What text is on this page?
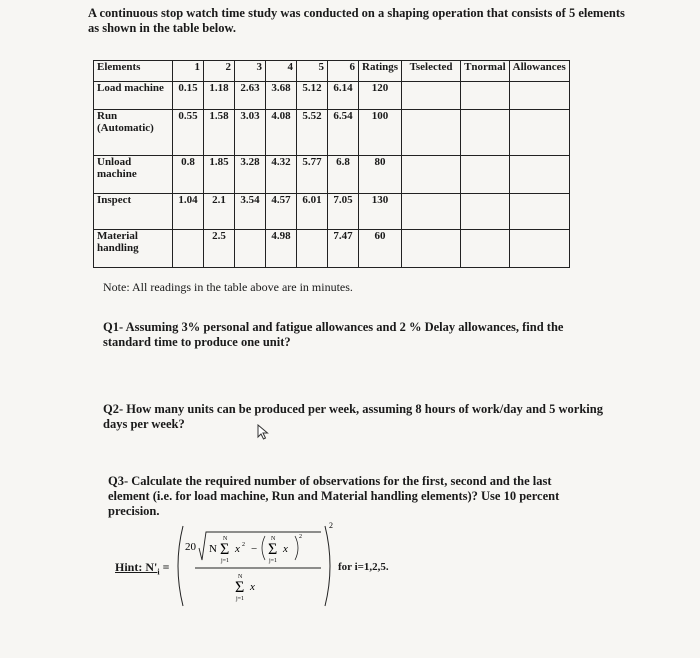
A continuous stop watch time study was conducted on a shaping operation that consists of 5 elements as shown in the table below.
Elements	1	2	3	4	5	6	Ratings	Tselected	Tnormal	Allowances
Load machine	0.15	1.18	2.63	3.68	5.12	6.14	120			
Run (Automatic)	0.55	1.58	3.03	4.08	5.52	6.54	100			
Unload machine	0.8	1.85	3.28	4.32	5.77	6.8	80			
Inspect	1.04	2.1	3.54	4.57	6.01	7.05	130			
Material handling		2.5		4.98		7.47	60			
Note: All readings in the table above are in minutes.
Q1- Assuming 3% personal and fatigue allowances and 2 % Delay allowances, find the standard time to produce one unit?
Q2- How many units can be produced per week, assuming 8 hours of work/day and 5 working days per week?
Q3- Calculate the required number of observations for the first, second and the last element (i.e. for load machine, Run and Material handling elements)? Use 10 percent precision.
Hint: $N'_i$ =
2
20 N Σ
N
j=1
x 2 − Σ
N
j=1
x
2
Σ
N
j=1
x
for i=1,2,5.
